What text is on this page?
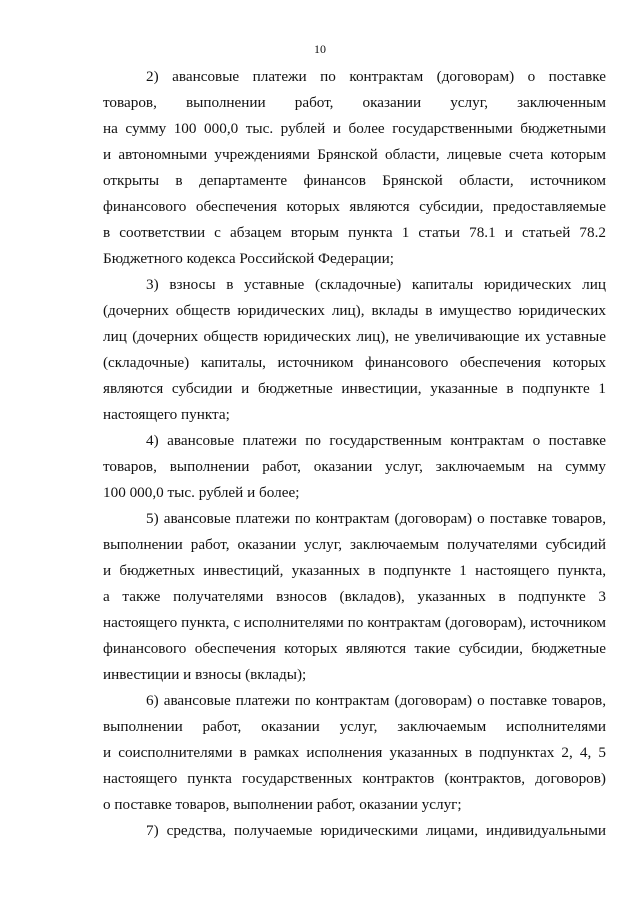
10
2) авансовые платежи по контрактам (договорам) о поставке
товаров, выполнении работ, оказании услуг, заключенным
на сумму 100 000,0 тыс. рублей и более государственными бюджетными
и автономными учреждениями Брянской области, лицевые счета которым
открыты в департаменте финансов Брянской области, источником
финансового обеспечения которых являются субсидии, предоставляемые
в соответствии с абзацем вторым пункта 1 статьи 78.1 и статьей 78.2
Бюджетного кодекса Российской Федерации;
3) взносы в уставные (складочные) капиталы юридических лиц
(дочерних обществ юридических лиц), вклады в имущество юридических
лиц (дочерних обществ юридических лиц), не увеличивающие их уставные
(складочные) капиталы, источником финансового обеспечения которых
являются субсидии и бюджетные инвестиции, указанные в подпункте 1
настоящего пункта;
4) авансовые платежи по государственным контрактам о поставке
товаров, выполнении работ, оказании услуг, заключаемым на сумму
100 000,0 тыс. рублей и более;
5) авансовые платежи по контрактам (договорам) о поставке товаров,
выполнении работ, оказании услуг, заключаемым получателями субсидий
и бюджетных инвестиций, указанных в подпункте 1 настоящего пункта,
а также получателями взносов (вкладов), указанных в подпункте 3
настоящего пункта, с исполнителями по контрактам (договорам), источником
финансового обеспечения которых являются такие субсидии, бюджетные
инвестиции и взносы (вклады);
6) авансовые платежи по контрактам (договорам) о поставке товаров,
выполнении работ, оказании услуг, заключаемым исполнителями
и соисполнителями в рамках исполнения указанных в подпунктах 2, 4, 5
настоящего пункта государственных контрактов (контрактов, договоров)
о поставке товаров, выполнении работ, оказании услуг;
7) средства, получаемые юридическими лицами, индивидуальными
